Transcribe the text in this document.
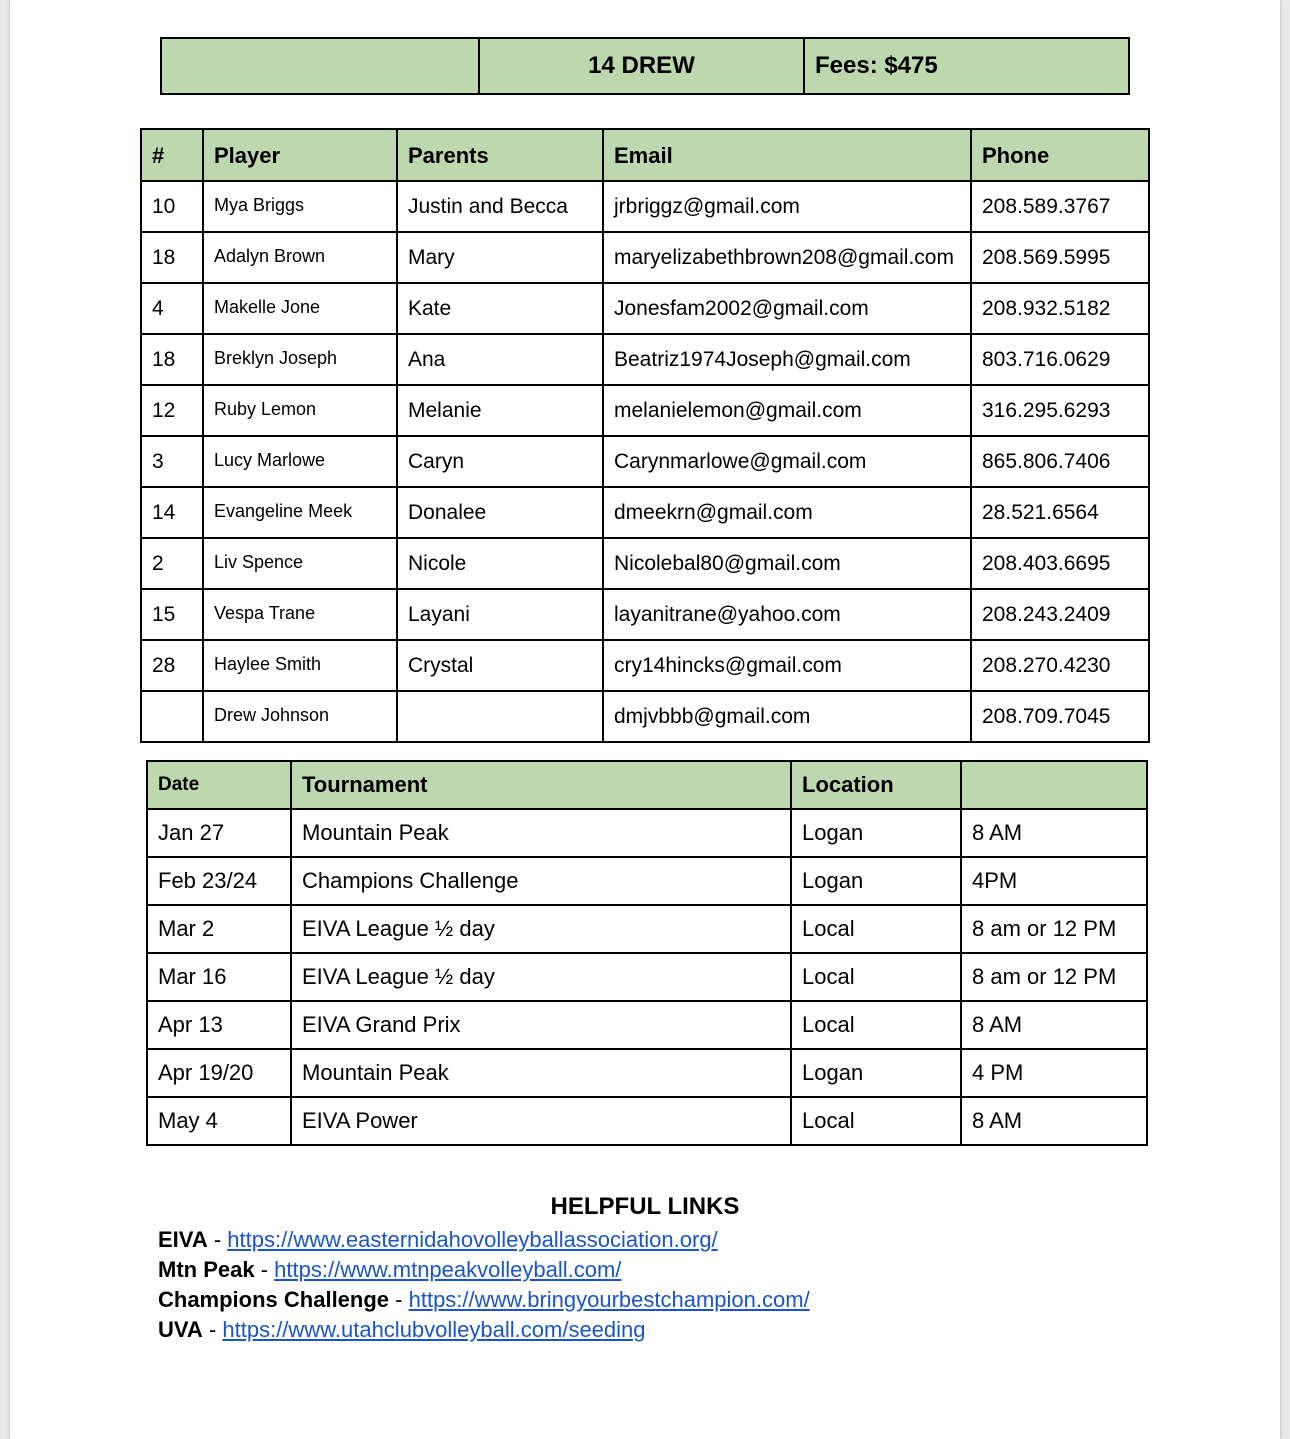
	14 DREW	Fees: $475
#	Player	Parents	Email	Phone
10	Mya Briggs	Justin and Becca	jrbriggz@gmail.com	208.589.3767
18	Adalyn Brown	Mary	maryelizabethbrown208@gmail.com	208.569.5995
4	Makelle Jone	Kate	Jonesfam2002@gmail.com	208.932.5182
18	Breklyn Joseph	Ana	Beatriz1974Joseph@gmail.com	803.716.0629
12	Ruby Lemon	Melanie	melanielemon@gmail.com	316.295.6293
3	Lucy Marlowe	Caryn	Carynmarlowe@gmail.com	865.806.7406
14	Evangeline Meek	Donalee	dmeekrn@gmail.com	28.521.6564
2	Liv Spence	Nicole	Nicolebal80@gmail.com	208.403.6695
15	Vespa Trane	Layani	layanitrane@yahoo.com	208.243.2409
28	Haylee Smith	Crystal	cry14hincks@gmail.com	208.270.4230
	Drew Johnson		dmjvbbb@gmail.com	208.709.7045
Date	Tournament	Location	
Jan 27	Mountain Peak	Logan	8 AM
Feb 23/24	Champions Challenge	Logan	4PM
Mar 2	EIVA League ½ day	Local	8 am or 12 PM
Mar 16	EIVA League ½ day	Local	8 am or 12 PM
Apr 13	EIVA Grand Prix	Local	8 AM
Apr 19/20	Mountain Peak	Logan	4 PM
May 4	EIVA Power	Local	8 AM
HELPFUL LINKS
EIVA - https://www.easternidahovolleyballassociation.org/
Mtn Peak - https://www.mtnpeakvolleyball.com/
Champions Challenge - https://www.bringyourbestchampion.com/
UVA - https://www.utahclubvolleyball.com/seeding
